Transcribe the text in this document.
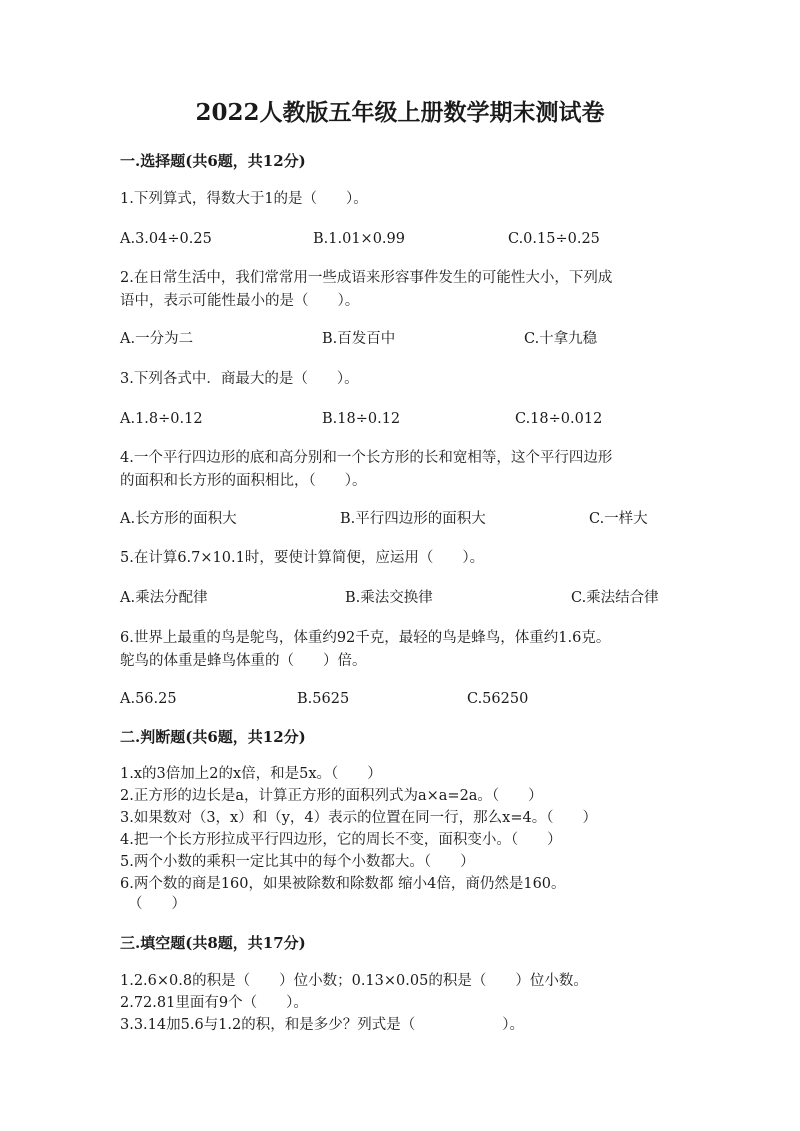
2022人教版五年级上册数学期末测试卷
一.选择题(共6题，共12分)
1.下列算式，得数大于1的是（　　）。
A.3.04÷0.25	B.1.01×0.99	C.0.15÷0.25
2.在日常生活中，我们常常用一些成语来形容事件发生的可能性大小，下列成
语中，表示可能性最小的是（　　）。
A.一分为二	B.百发百中	C.十拿九稳
3.下列各式中．商最大的是（　　）。
A.1.8÷0.12	B.18÷0.12	C.18÷0.012
4.一个平行四边形的底和高分别和一个长方形的长和宽相等，这个平行四边形
的面积和长方形的面积相比，（　　）。
A.长方形的面积大	B.平行四边形的面积大	C.一样大
5.在计算6.7×10.1时，要使计算简便，应运用（　　）。
A.乘法分配律	B.乘法交换律	C.乘法结合律
6.世界上最重的鸟是鸵鸟，体重约92千克，最轻的鸟是蜂鸟，体重约1.6克。
鸵鸟的体重是蜂鸟体重的（　　）倍。
A.56.25	B.5625	C.56250
二.判断题(共6题，共12分)
1.x的3倍加上2的x倍，和是5x。（　　）
2.正方形的边长是a，计算正方形的面积列式为a×a=2a。（　　）
3.如果数对（3，x）和（y，4）表示的位置在同一行，那么x=4。（　　）
4.把一个长方形拉成平行四边形，它的周长不变，面积变小。（　　）
5.两个小数的乘积一定比其中的每个小数都大。（　　）
6.两个数的商是160，如果被除数和除数都 缩小4倍，商仍然是160。
（　　）
三.填空题(共8题，共17分)
1.2.6×0.8的积是（　　）位小数；0.13×0.05的积是（　　）位小数。
2.72.81里面有9个（　　）。
3.3.14加5.6与1.2的积，和是多少？列式是（　　　　　　）。
